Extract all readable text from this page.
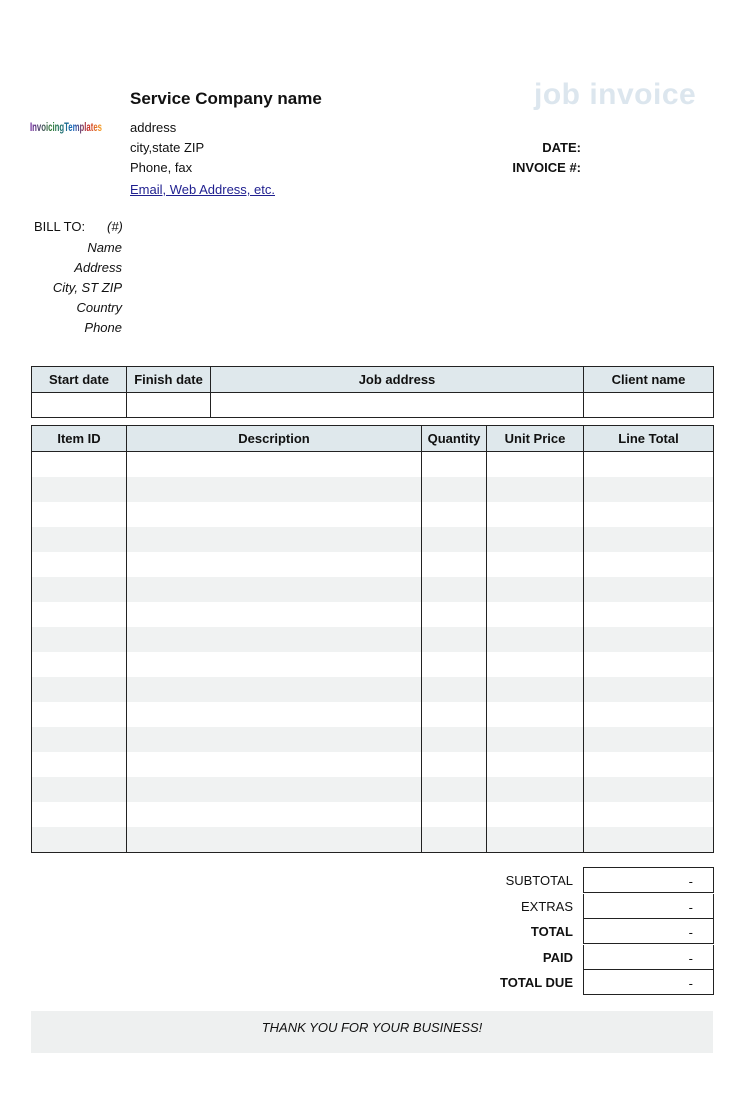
InvoicingTemplates
Service Company name	job invoice
address
city,state ZIP
Phone, fax
Email, Web Address, etc.
DATE:
INVOICE #:
BILL TO: (#)
Name
Address
City, ST ZIP
Country
Phone
Start date	Finish date	Job address	Client name

Item ID	Description	Quantity	Unit Price	Line Total

SUBTOTAL	-
EXTRAS	-
TOTAL	-
PAID	-
TOTAL DUE	-
THANK YOU FOR YOUR BUSINESS!
